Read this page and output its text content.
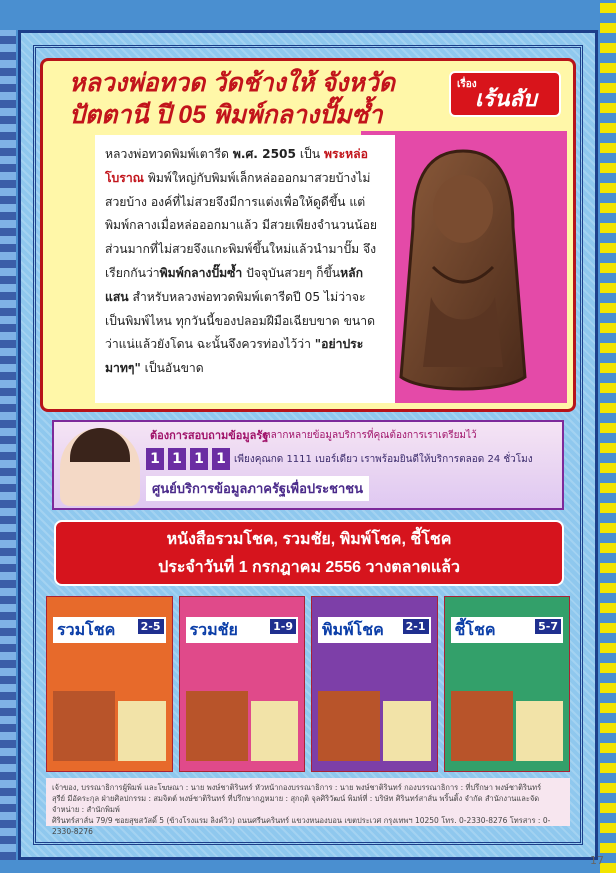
หลวงพ่อทวด วัดช้างให้ จังหวัด
ปัตตานี ปี 05 พิมพ์กลางปั๊มซ้ำ
เรื่อง
เร้นลับ
หลวงพ่อทวดพิมพ์เตารีด พ.ศ. 2505 เป็น พระหล่อโบราณ พิมพ์ใหญ่กับพิมพ์เล็กหล่อออกมาสวยบ้างไม่สวยบ้าง องค์ที่ไม่สวยจึงมีการแต่งเพื่อให้ดูดีขึ้น แต่พิมพ์กลางเมื่อหล่อออกมาแล้ว มีสวยเพียงจำนวนน้อย ส่วนมากที่ไม่สวยจึงแกะพิมพ์ขึ้นใหม่แล้วนำมาปั๊ม จึงเรียกกันว่าพิมพ์กลางปั๊มซ้ำ ปัจจุบันสวยๆ ก็ขึ้นหลักแสน สำหรับหลวงพ่อทวดพิมพ์เตารีดปี 05 ไม่ว่าจะเป็นพิมพ์ไหน ทุกวันนี้ของปลอมฝีมือเฉียบขาด ขนาดว่าแน่แล้วยังโดน ฉะนั้นจึงควรท่องไว้ว่า "อย่าประมาทๆ" เป็นอันขาด
ต้องการสอบถามข้อมูลรัฐ
หลากหลายข้อมูลบริการที่คุณต้องการเราเตรียมไว้
1 1 1 1 เพียงคุณกด 1111 เบอร์เดียว เราพร้อมยินดีให้บริการตลอด 24 ชั่วโมง
ศูนย์บริการข้อมูลภาครัฐเพื่อประชาชน
หนังสือรวมโชค, รวมชัย, พิมพ์โชค, ชี้โชค
ประจำวันที่ 1 กรกฎาคม 2556 วางตลาดแล้ว
รวมโชค	2-5 รวมชัย	1-9 พิมพ์โชค	2-1 ชี้โชค	5-7
เจ้าของ, บรรณาธิการผู้พิมพ์ และโฆษณา : นาย พงษ์ชาติรินทร์ หัวหน้ากองบรรณาธิการ : นาย พงษ์ชาติรินทร์ กองบรรณาธิการ : ที่ปรึกษา พงษ์ชาติรินทร์
สุรีย์ มีอัคระกุล ฝ่ายศิลปกรรม : สมจิตต์ พงษ์ชาติรินทร์ ที่ปรึกษากฎหมาย : สุกฤติ จุลศิริวัฒน์ พิมพ์ที่ : บริษัท ศิรินทร์สาส์น พริ้นติ้ง จำกัด สำนักงานและจัดจำหน่าย : สำนักพิมพ์
ศิรินทร์สาส์น 79/9 ซอยสุขสวัสดิ์ 5 (ข้างโรงแรม ลิงค์วิว) ถนนศรีนครินทร์ แขวงหนองบอน เขตประเวศ กรุงเทพฯ 10250 โทร. 0-2330-8276 โทรสาร : 0-2330-8276
17
